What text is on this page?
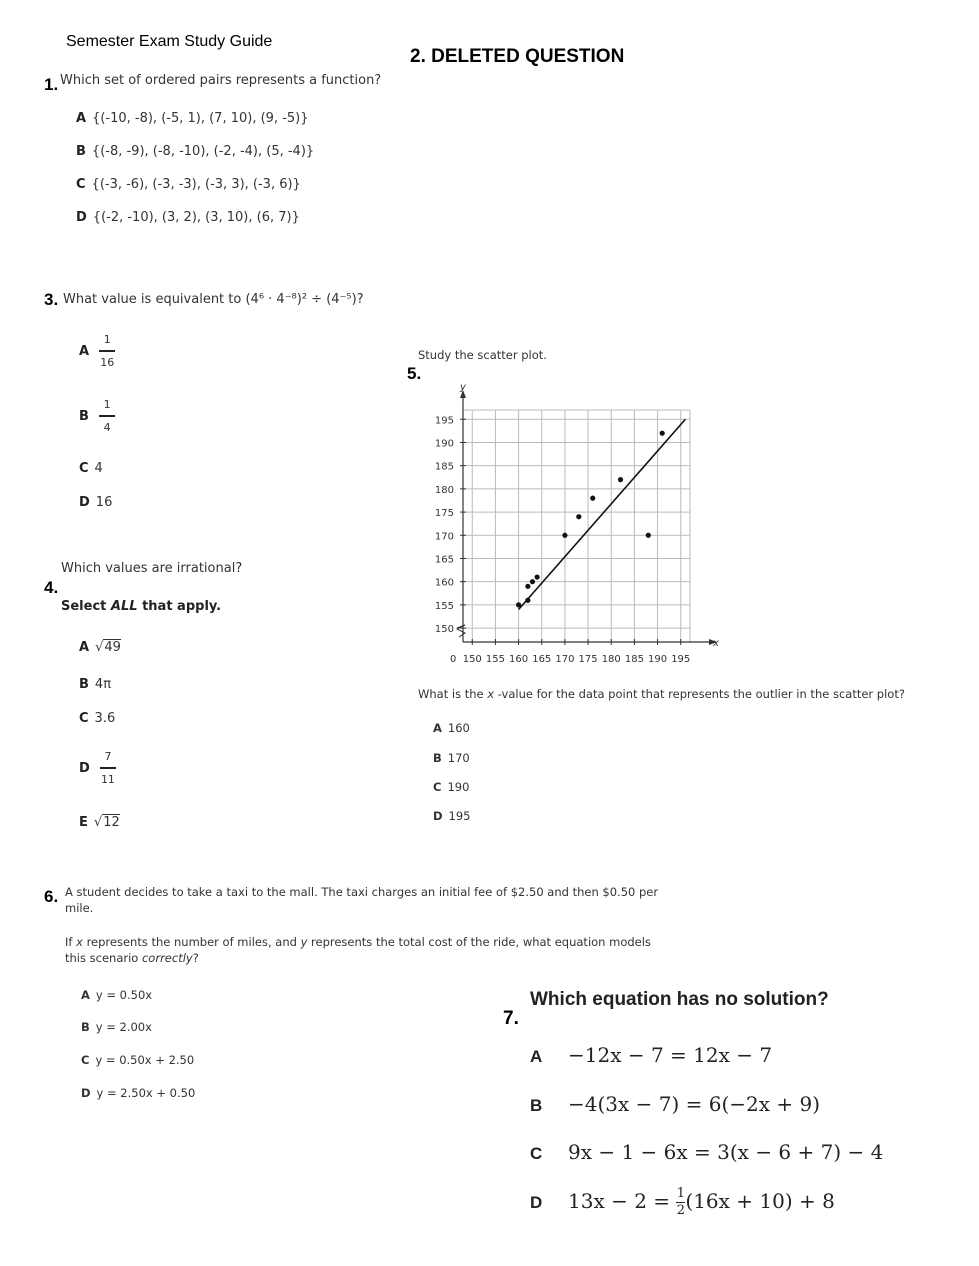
Semester Exam Study Guide
2. DELETED QUESTION
1. Which set of ordered pairs represents a function?
A {(-10, -8), (-5, 1), (7, 10), (9, -5)}
B {(-8, -9), (-8, -10), (-2, -4), (5, -4)}
C {(-3, -6), (-3, -3), (-3, 3), (-3, 6)}
D {(-2, -10), (3, 2), (3, 10), (6, 7)}
3. What value is equivalent to (4⁶ · 4⁻⁸)² ÷ (4⁻⁵)?
A $\frac{1}{16}$
B $\frac{1}{4}$
C 4
D 16
Which values are irrational?
4.
Select ALL that apply.
A √49
B 4π
C 3.6
D $\frac{7}{11}$
E √12
Study the scatter plot.
5.
x
y
0 150 155 160 165 170 175 180 185 190 195
150
155
160
165
170
175
180
185
190
195
What is the x -value for the data point that represents the outlier in the scatter plot?
A 160
B 170
C 190
D 195
6. A student decides to take a taxi to the mall. The taxi charges an initial fee of $2.50 and then $0.50 per
mile.
If x represents the number of miles, and y represents the total cost of the ride, what equation models
this scenario correctly?
A y = 0.50x
B y = 2.00x
C y = 0.50x + 2.50
D y = 2.50x + 0.50
Which equation has no solution?
7.
A −12x − 7 = 12x − 7
B −4(3x − 7) = 6(−2x + 9)
C 9x − 1 − 6x = 3(x − 6 + 7) − 4
D $13x - 2 = \frac{1}{2} (16x + 10) + 8$
